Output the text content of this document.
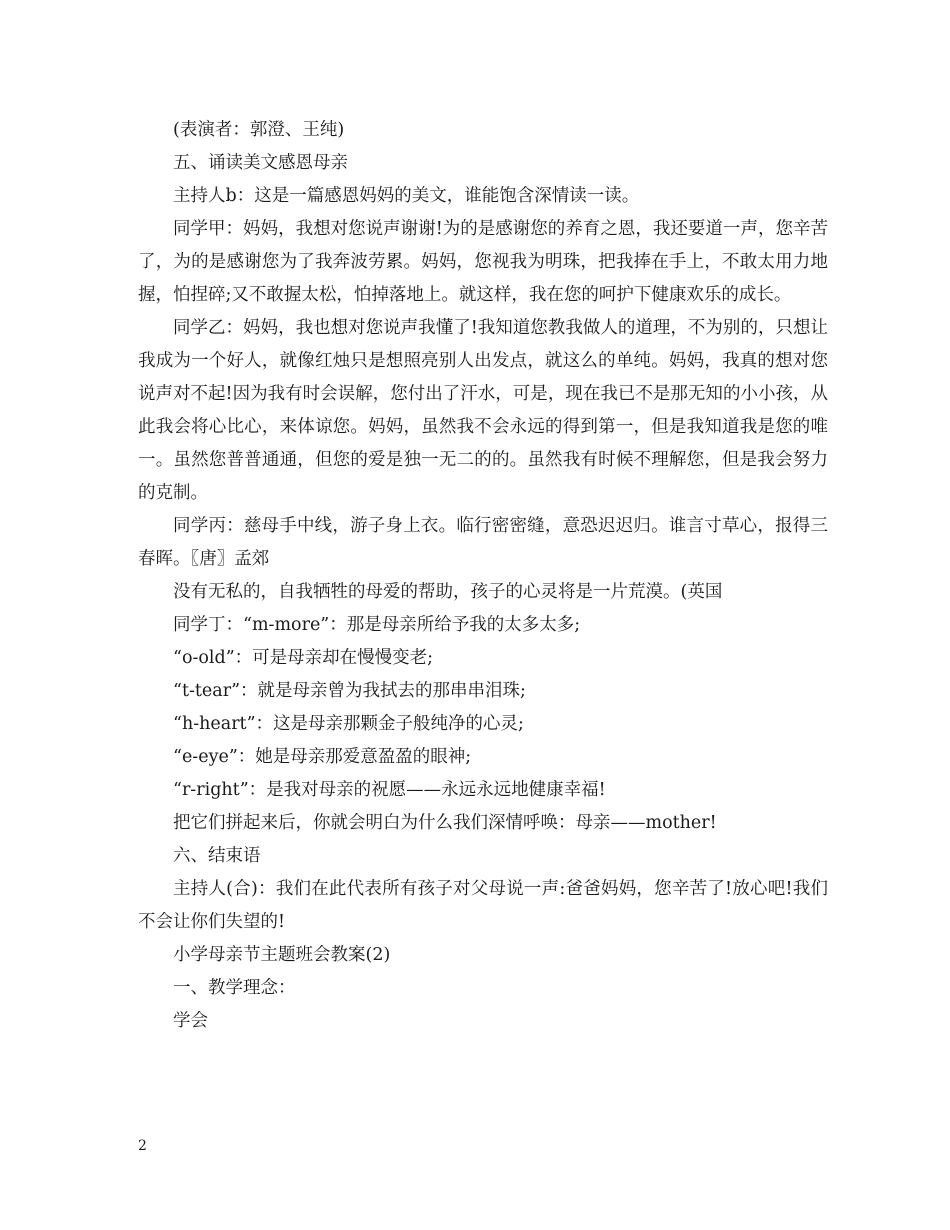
(表演者：郭澄、王纯)

五、诵读美文感恩母亲

主持人b：这是一篇感恩妈妈的美文，谁能饱含深情读一读。

同学甲：妈妈，我想对您说声谢谢!为的是感谢您的养育之恩，我还要道一声，您辛苦了，为的是感谢您为了我奔波劳累。妈妈，您视我为明珠，把我捧在手上，不敢太用力地握，怕捏碎;又不敢握太松，怕掉落地上。就这样，我在您的呵护下健康欢乐的成长。

同学乙：妈妈，我也想对您说声我懂了!我知道您教我做人的道理，不为别的，只想让我成为一个好人，就像红烛只是想照亮别人出发点，就这么的单纯。妈妈，我真的想对您说声对不起!因为我有时会误解，您付出了汗水，可是，现在我已不是那无知的小小孩，从此我会将心比心，来体谅您。妈妈，虽然我不会永远的得到第一，但是我知道我是您的唯一。虽然您普普通通，但您的爱是独一无二的的。虽然我有时候不理解您，但是我会努力的克制。

同学丙：慈母手中线，游子身上衣。临行密密缝，意恐迟迟归。谁言寸草心，报得三春晖。〖唐〗孟郊

没有无私的，自我牺牲的母爱的帮助，孩子的心灵将是一片荒漠。(英国

同学丁：“m-more”：那是母亲所给予我的太多太多;

“o-old”：可是母亲却在慢慢变老;

“t-tear”：就是母亲曾为我拭去的那串串泪珠;

“h-heart”：这是母亲那颗金子般纯净的心灵;

“e-eye”：她是母亲那爱意盈盈的眼神;

“r-right”：是我对母亲的祝愿——永远永远地健康幸福!

把它们拼起来后，你就会明白为什么我们深情呼唤：母亲——mother!

六、结束语

主持人(合)：我们在此代表所有孩子对父母说一声:爸爸妈妈，您辛苦了!放心吧!我们不会让你们失望的!

小学母亲节主题班会教案(2)

一、教学理念：

学会

2
